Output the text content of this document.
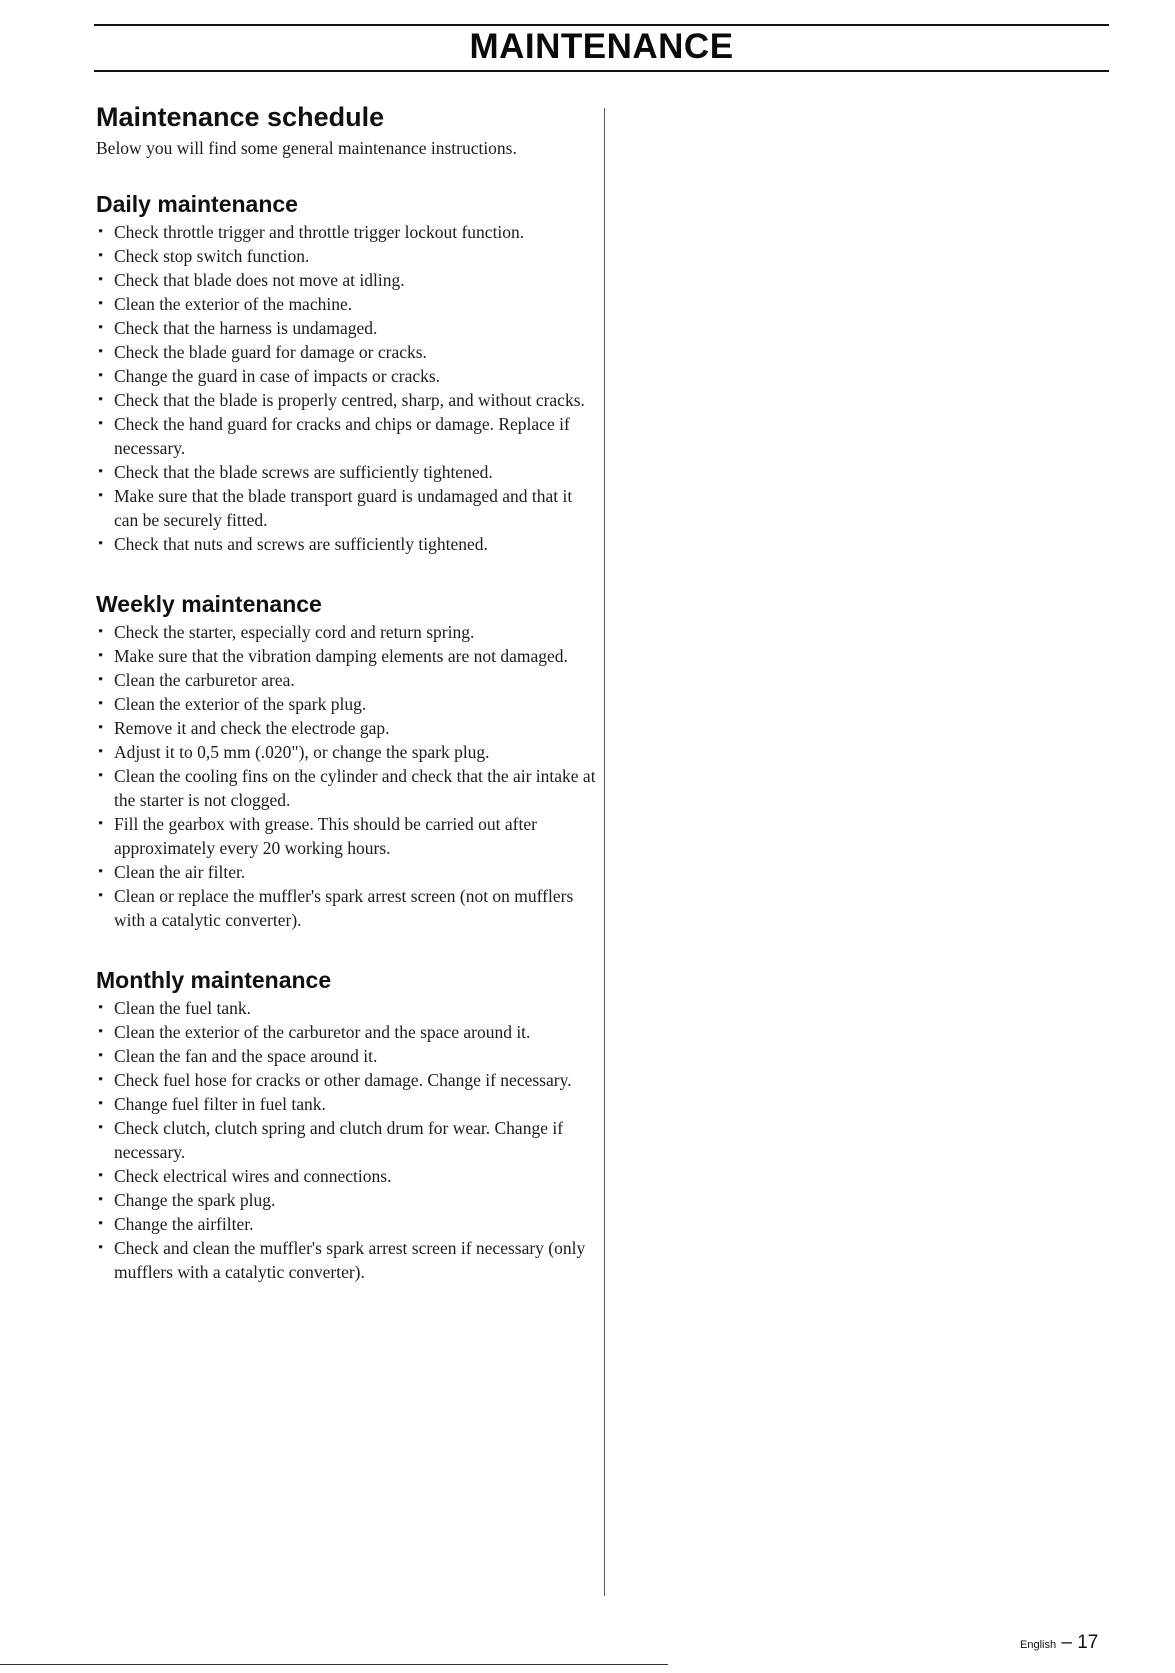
MAINTENANCE
Maintenance schedule

Below you will find some general maintenance instructions.

Daily maintenance
• Check throttle trigger and throttle trigger lockout function.
• Check stop switch function.
• Check that blade does not move at idling.
• Clean the exterior of the machine.
• Check that the harness is undamaged.
• Check the blade guard for damage or cracks.
• Change the guard in case of impacts or cracks.
• Check that the blade is properly centred, sharp, and without cracks.
• Check the hand guard for cracks and chips or damage. Replace if necessary.
• Check that the blade screws are sufficiently tightened.
• Make sure that the blade transport guard is undamaged and that it can be securely fitted.
• Check that nuts and screws are sufficiently tightened.
Weekly maintenance
• Check the starter, especially cord and return spring.
• Make sure that the vibration damping elements are not damaged.
• Clean the carburetor area.
• Clean the exterior of the spark plug.
• Remove it and check the electrode gap.
• Adjust it to 0,5 mm (.020"), or change the spark plug.
• Clean the cooling fins on the cylinder and check that the air intake at the starter is not clogged.
• Fill the gearbox with grease. This should be carried out after approximately every 20 working hours.
• Clean the air filter.
• Clean or replace the muffler's spark arrest screen (not on mufflers with a catalytic converter).
Monthly maintenance
• Clean the fuel tank.
• Clean the exterior of the carburetor and the space around it.
• Clean the fan and the space around it.
• Check fuel hose for cracks or other damage. Change if necessary.
• Change fuel filter in fuel tank.
• Check clutch, clutch spring and clutch drum for wear. Change if necessary.
• Check electrical wires and connections.
• Change the spark plug.
• Change the airfilter.
• Check and clean the muffler's spark arrest screen if necessary (only mufflers with a catalytic converter).
English – 17
